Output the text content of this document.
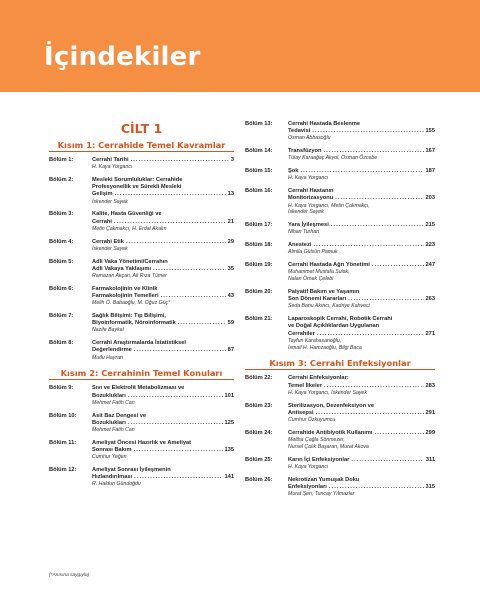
İçindekiler
CİLT 1
Kısım 1: Cerrahide Temel Kavramlar
Bölüm 1:	Cerrahi Tarihi .....	3
H. Kaya Yorgancı
Bölüm 2:	Mesleki Sorumluluklar: Cerrahide
Profesyonellik ve Sürekli Mesleki
Gelişim .....	13
İskender Sayek
Bölüm 3:	Kalite, Hasta Güvenliği ve
Cerrahi .....	21
Metin Çakmakçı, H. Erdal Akalın
Bölüm 4:	Cerrahi Etik .....	29
İskender Sayek
Bölüm 5:	Adli Vaka Yönetimi/Cerrahın
Adli Vakaya Yaklaşımı .....	35
Ramazan Akçan, Ali Rıza Tümer
Bölüm 6:	Farmakolojinin ve Klinik
Farmakolojinin Temelleri .....	43
Melih Ö. Babaoğlu, M. Oğuz Güç*
Bölüm 7:	Sağlık Bilişimi: Tıp Bilişimi,
Biyoinformatik, Nöroinformatik .....	59
Nazife Baykal
Bölüm 8:	Cerrahi Araştırmalarda İstatistiksel
Değerlendirme .....	87
Mutlu Hayran
Kısım 2: Cerrahinin Temel Konuları
Bölüm 9:	Sıvı ve Elektrolit Metabolizması ve
Bozuklukları .....	101
Mehmet Fatih Can
Bölüm 10:	Asit Baz Dengesi ve
Bozuklukları .....	125
Mehmet Fatih Can
Bölüm 11:	Ameliyat Öncesi Hazırlık ve Ameliyat
Sonrası Bakım .....	135
Cumhur Yeğen
Bölüm 12:	Ameliyat Sonrası İyileşmenin
Hızlandırılması .....	141
R. Haldun Gündoğdu
Bölüm 13:	Cerrahi Hastada Beslenme
Tedavisi .....	155
Osman Abbasoğlu
Bölüm 14:	Transfüzyon .....	167
Tülay Karaağaç Akyol, Osman Özcebe
Bölüm 15:	Şok .....	187
H. Kaya Yorgancı
Bölüm 16:	Cerrahi Hastanın
Monitorizasyonu .....	203
H. Kaya Yorgancı, Metin Çakmakçı,
İskender Sayek
Bölüm 17:	Yara İyileşmesi .....	215
Nihan Turhan
Bölüm 18:	Anestezi .....	223
Almila Gülsün Pamuk
Bölüm 19:	Cerrahi Hastada Ağrı Yönetimi .....	247
Muhammet Mustafa Sulak,
Nalan Örnek Çelebi
Bölüm 20:	Palyatif Bakım ve Yaşamın
Son Dönemi Kararları .....	263
Seda Banu Akıncı, Kadriye Kahveci
Bölüm 21:	Laparoskopik Cerrahi, Robotik Cerrahi
ve Doğal Açıklıklardan Uygulanan
Cerrahiler .....	271
Tayfun Karahasanoğlu,
İsmail H. Hamzaoğlu, Bilgi Baca
Kısım 3: Cerrahi Enfeksiyonlar
Bölüm 22:	Cerrahi Enfeksiyonlar:
Temel İlkeler .....	283
H. Kaya Yorgancı, İskender Sayek
Bölüm 23:	Sterilizasyon, Dezenfeksiyon ve
Antisepsi .....	291
Cumhur Özkuyumcu
Bölüm 24:	Cerrahide Antibiyotik Kullanımı .....	299
Meltha Çağla Sönmezer,
Nursel Çalık Başaran, Murat Akova
Bölüm 25:	Karın İçi Enfeksiyonlar .....	311
H. Kaya Yorgancı
Bölüm 26:	Nekrotizan Yumuşak Doku
Enfeksiyonları .....	315
Murat Şen, Tuncay Yılmazlar
(*Anısına saygıyla)
